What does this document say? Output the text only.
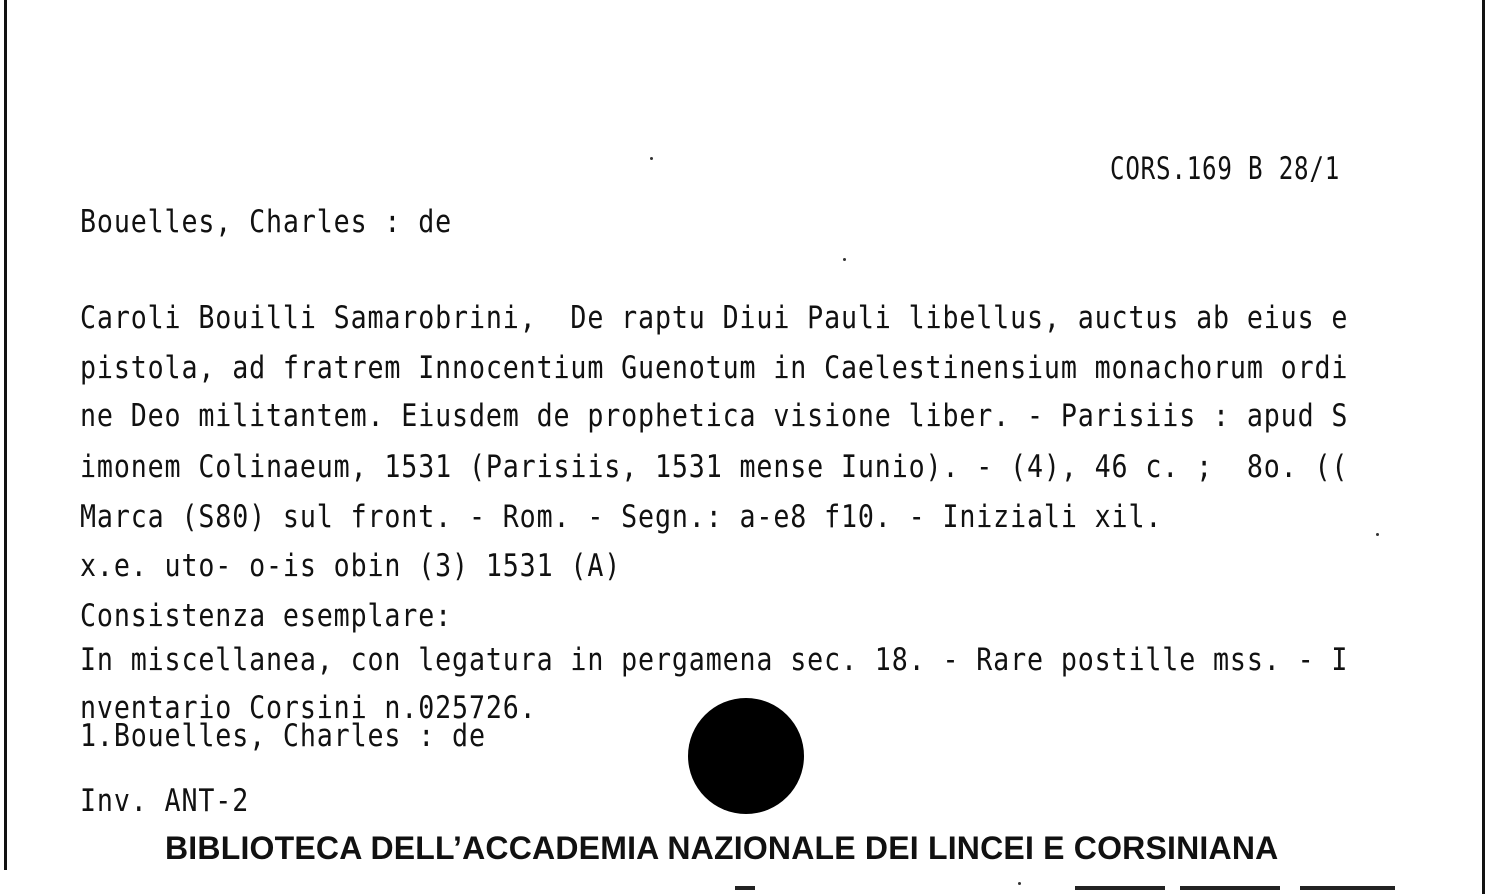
CORS.169 B 28/1
Bouelles, Charles : de
Caroli Bouilli Samarobrini,  De raptu Diui Pauli libellus, auctus ab eius e
pistola, ad fratrem Innocentium Guenotum in Caelestinensium monachorum ordi
ne Deo militantem. Eiusdem de prophetica visione liber. - Parisiis : apud S
imonem Colinaeum, 1531 (Parisiis, 1531 mense Iunio). - (4), 46 c. ;  8o. ((
Marca (S80) sul front. - Rom. - Segn.: a-e8 f10. - Iniziali xil.
x.e. uto- o-is obin (3) 1531 (A)
Consistenza esemplare:
In miscellanea, con legatura in pergamena sec. 18. - Rare postille mss. - I
nventario Corsini n.025726.
1.Bouelles, Charles : de
Inv. ANT-2
BIBLIOTECA DELL’ACCADEMIA NAZIONALE DEI LINCEI E CORSINIANA
